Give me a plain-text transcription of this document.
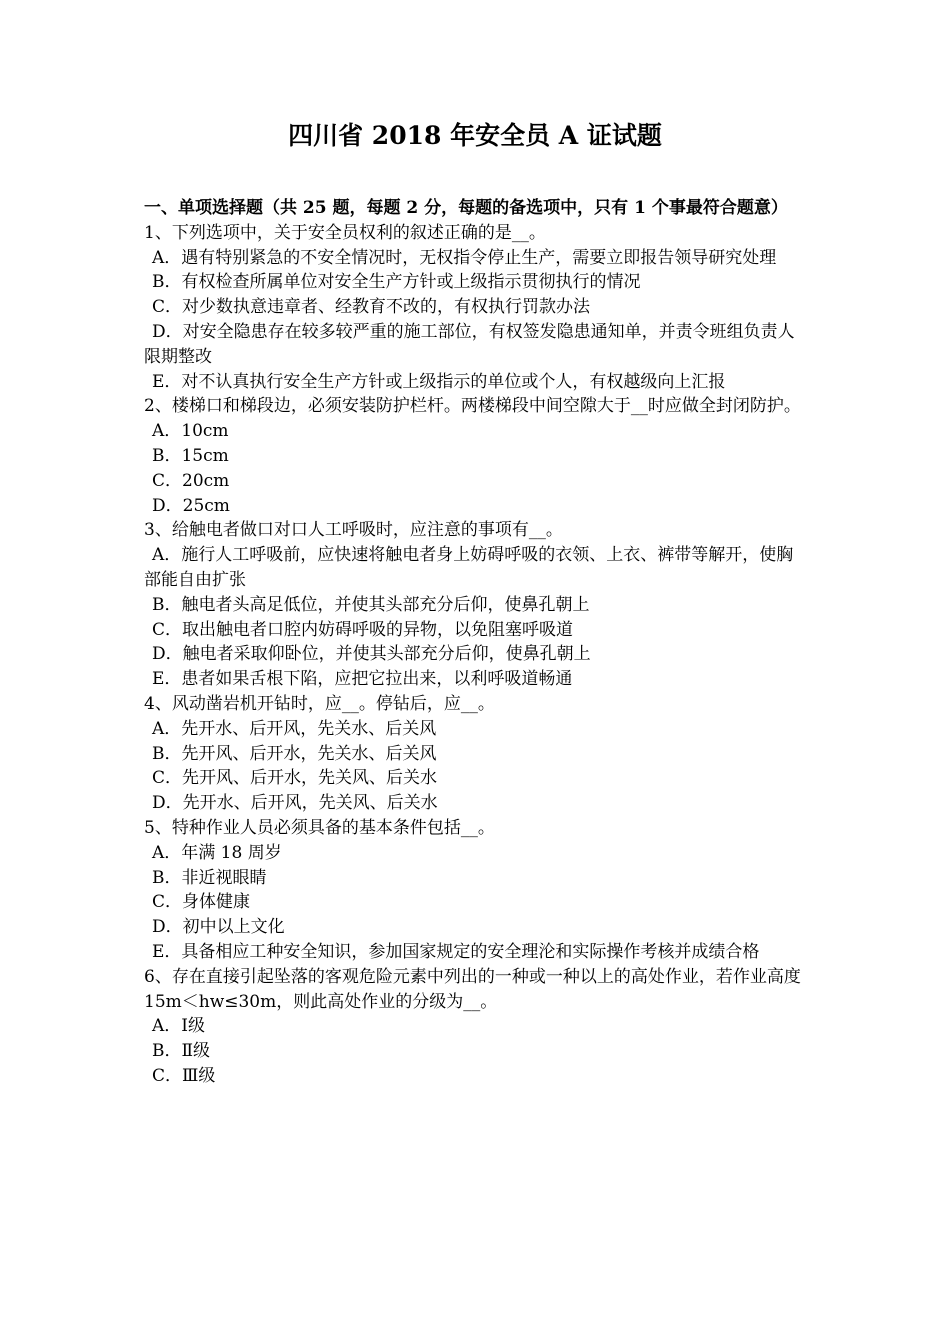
四川省 2018 年安全员 A 证试题
一、单项选择题（共 25 题，每题 2 分，每题的备选项中，只有 1 个事最符合题意）
1、下列选项中，关于安全员权利的叙述正确的是__。
A．遇有特别紧急的不安全情况时，无权指令停止生产，需要立即报告领导研究处理
B．有权检查所属单位对安全生产方针或上级指示贯彻执行的情况
C．对少数执意违章者、经教育不改的，有权执行罚款办法
D．对安全隐患存在较多较严重的施工部位，有权签发隐患通知单，并责令班组负责人限期整改
E．对不认真执行安全生产方针或上级指示的单位或个人，有权越级向上汇报
2、楼梯口和梯段边，必须安装防护栏杆。两楼梯段中间空隙大于__时应做全封闭防护。
A．10cm
B．15cm
C．20cm
D．25cm
3、给触电者做口对口人工呼吸时，应注意的事项有__。
A．施行人工呼吸前，应快速将触电者身上妨碍呼吸的衣领、上衣、裤带等解开，使胸部能自由扩张
B．触电者头高足低位，并使其头部充分后仰，使鼻孔朝上
C．取出触电者口腔内妨碍呼吸的异物，以免阻塞呼吸道
D．触电者采取仰卧位，并使其头部充分后仰，使鼻孔朝上
E．患者如果舌根下陷，应把它拉出来，以利呼吸道畅通
4、风动凿岩机开钻时，应__。停钻后，应__。
A．先开水、后开风，先关水、后关风
B．先开风、后开水，先关水、后关风
C．先开风、后开水，先关风、后关水
D．先开水、后开风，先关风、后关水
5、特种作业人员必须具备的基本条件包括__。
A．年满 18 周岁
B．非近视眼睛
C．身体健康
D．初中以上文化
E．具备相应工种安全知识，参加国家规定的安全理沦和实际操作考核并成绩合格
6、存在直接引起坠落的客观危险元素中列出的一种或一种以上的高处作业，若作业高度 15m＜hw≤30m，则此高处作业的分级为__。
A．Ⅰ级
B．Ⅱ级
C．Ⅲ级
